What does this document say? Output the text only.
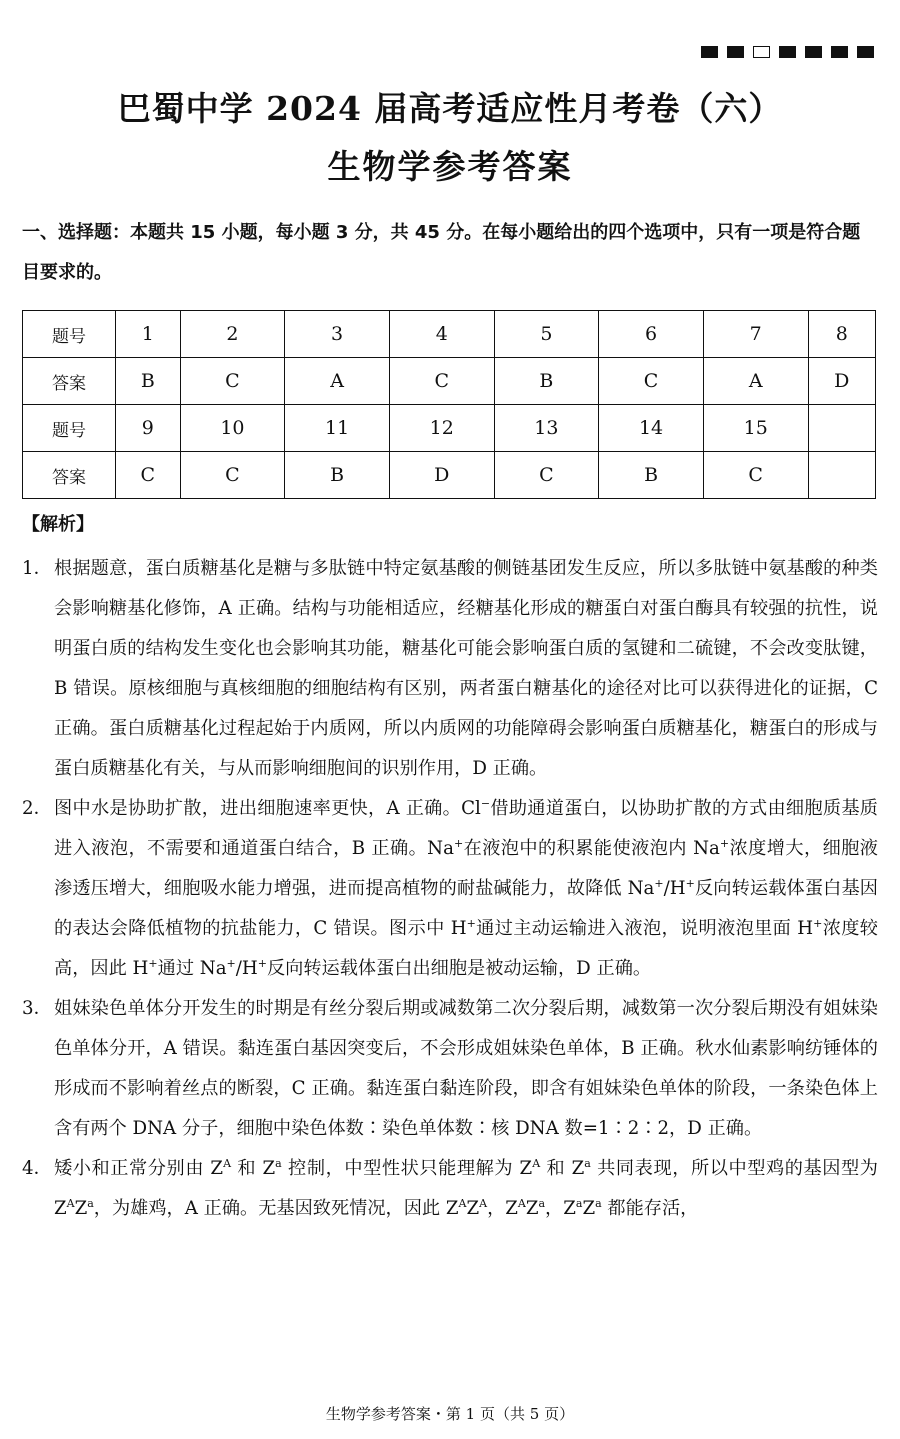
巴蜀中学 2024 届高考适应性月考卷（六）
生物学参考答案
一、选择题：本题共 15 小题，每小题 3 分，共 45 分。在每小题给出的四个选项中，只有一项是符合题目要求的。
题号	1	2	3	4	5	6	7	8
答案	B	C	A	C	B	C	A	D
题号	9	10	11	12	13	14	15	
答案	C	C	B	D	C	B	C	
【解析】
1． 根据题意，蛋白质糖基化是糖与多肽链中特定氨基酸的侧链基团发生反应，所以多肽链中氨基酸的种类会影响糖基化修饰，A 正确。结构与功能相适应，经糖基化形成的糖蛋白对蛋白酶具有较强的抗性，说明蛋白质的结构发生变化也会影响其功能，糖基化可能会影响蛋白质的氢键和二硫键，不会改变肽键，B 错误。原核细胞与真核细胞的细胞结构有区别，两者蛋白糖基化的途径对比可以获得进化的证据，C 正确。蛋白质糖基化过程起始于内质网，所以内质网的功能障碍会影响蛋白质糖基化，糖蛋白的形成与蛋白质糖基化有关，与从而影响细胞间的识别作用，D 正确。
2． 图中水是协助扩散，进出细胞速率更快，A 正确。Cl−借助通道蛋白，以协助扩散的方式由细胞质基质进入液泡，不需要和通道蛋白结合，B 正确。Na+在液泡中的积累能使液泡内 Na+浓度增大，细胞液渗透压增大，细胞吸水能力增强，进而提高植物的耐盐碱能力，故降低 Na+/H+反向转运载体蛋白基因的表达会降低植物的抗盐能力，C 错误。图示中 H+通过主动运输进入液泡，说明液泡里面 H+浓度较高，因此 H+通过 Na+/H+反向转运载体蛋白出细胞是被动运输，D 正确。
3． 姐妹染色单体分开发生的时期是有丝分裂后期或减数第二次分裂后期，减数第一次分裂后期没有姐妹染色单体分开，A 错误。黏连蛋白基因突变后，不会形成姐妹染色单体，B 正确。秋水仙素影响纺锤体的形成而不影响着丝点的断裂，C 正确。黏连蛋白黏连阶段，即含有姐妹染色单体的阶段，一条染色体上含有两个 DNA 分子，细胞中染色体数∶染色单体数∶核 DNA 数=1∶2∶2，D 正确。
4． 矮小和正常分别由 $Z^A$ 和 $Z^a$ 控制，中型性状只能理解为 $Z^A$ 和 $Z^a$ 共同表现，所以中型鸡的基因型为 $Z^AZ^a$，为雄鸡，A 正确。无基因致死情况，因此 $Z^AZ^A$，$Z^AZ^a$，$Z^aZ^a$ 都能存活，
生物学参考答案・第 1 页（共 5 页）
